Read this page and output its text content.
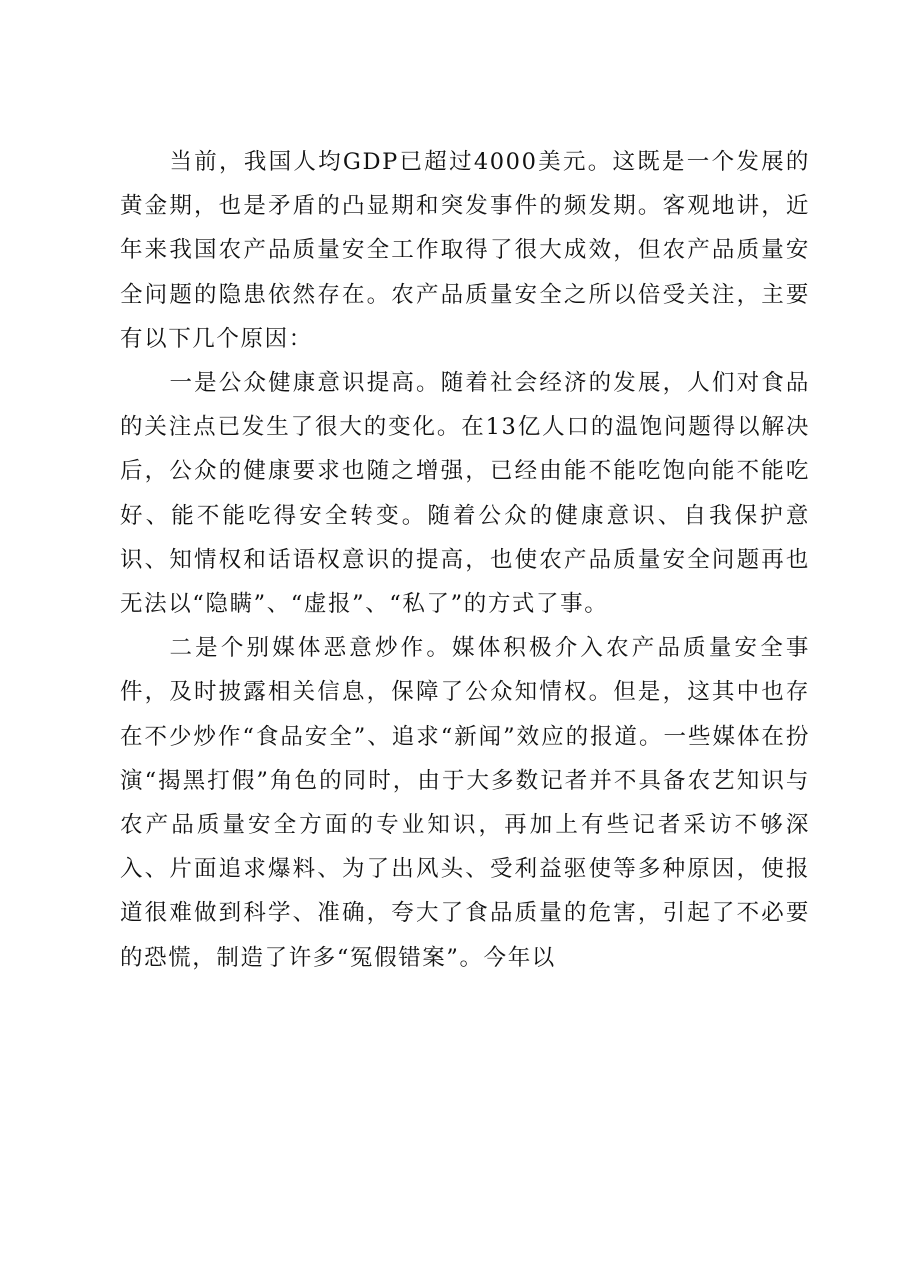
当前，我国人均GDP已超过4000美元。这既是一个发展的黄金期，也是矛盾的凸显期和突发事件的频发期。客观地讲，近年来我国农产品质量安全工作取得了很大成效，但农产品质量安全问题的隐患依然存在。农产品质量安全之所以倍受关注，主要有以下几个原因：

一是公众健康意识提高。随着社会经济的发展，人们对食品的关注点已发生了很大的变化。在13亿人口的温饱问题得以解决后，公众的健康要求也随之增强，已经由能不能吃饱向能不能吃好、能不能吃得安全转变。随着公众的健康意识、自我保护意识、知情权和话语权意识的提高，也使农产品质量安全问题再也无法以“隐瞒”、“虚报”、“私了”的方式了事。

二是个别媒体恶意炒作。媒体积极介入农产品质量安全事件，及时披露相关信息，保障了公众知情权。但是，这其中也存在不少炒作“食品安全”、追求“新闻”效应的报道。一些媒体在扮演“揭黑打假”角色的同时，由于大多数记者并不具备农艺知识与农产品质量安全方面的专业知识，再加上有些记者采访不够深入、片面追求爆料、为了出风头、受利益驱使等多种原因，使报道很难做到科学、准确，夸大了食品质量的危害，引起了不必要的恐慌，制造了许多“冤假错案”。今年以
